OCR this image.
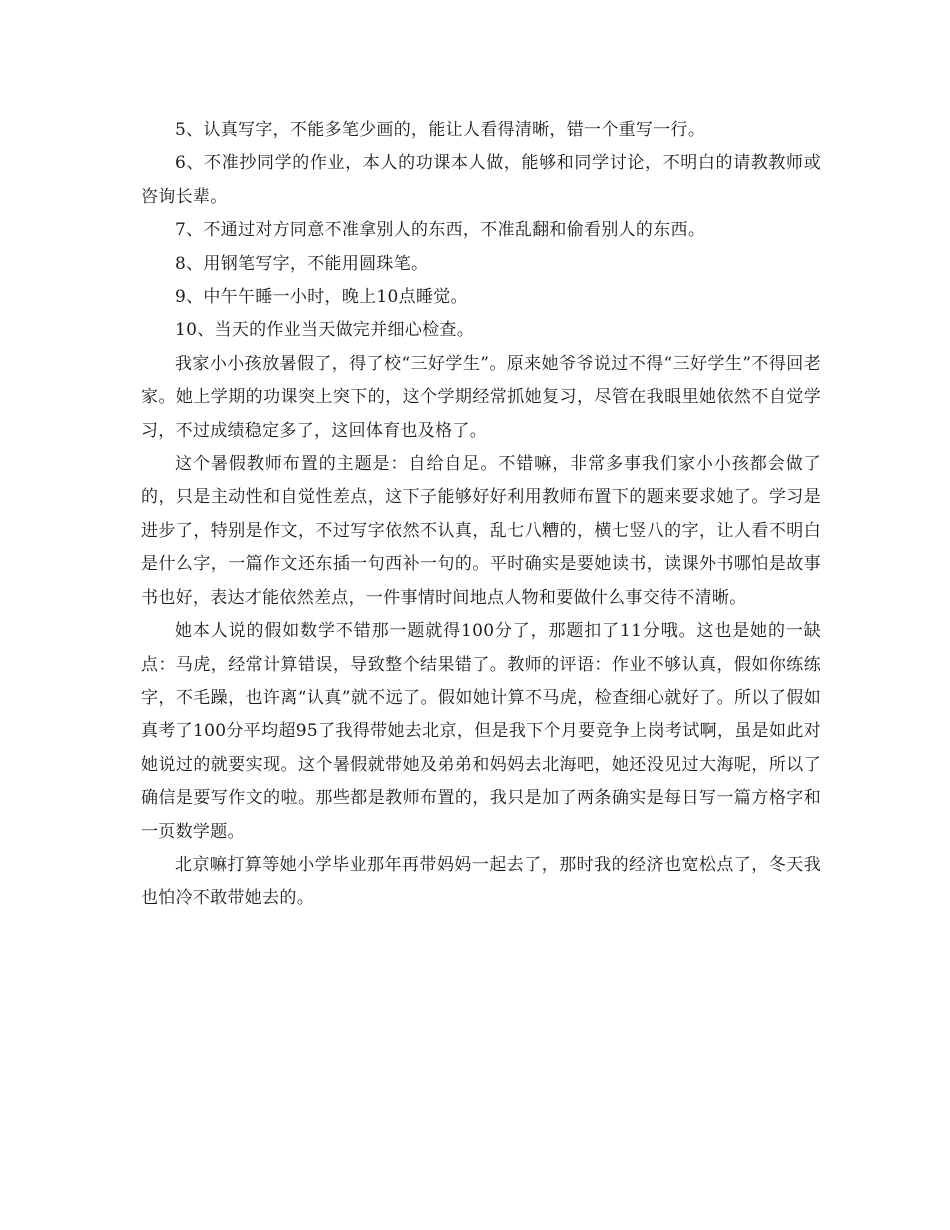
5、认真写字，不能多笔少画的，能让人看得清晰，错一个重写一行。

6、不准抄同学的作业，本人的功课本人做，能够和同学讨论，不明白的请教教师或咨询长辈。

7、不通过对方同意不准拿别人的东西，不准乱翻和偷看别人的东西。

8、用钢笔写字，不能用圆珠笔。

9、中午午睡一小时，晚上10点睡觉。

10、当天的作业当天做完并细心检查。

我家小小孩放暑假了，得了校“三好学生”。原来她爷爷说过不得“三好学生”不得回老家。她上学期的功课突上突下的，这个学期经常抓她复习，尽管在我眼里她依然不自觉学习，不过成绩稳定多了，这回体育也及格了。

这个暑假教师布置的主题是：自给自足。不错嘛，非常多事我们家小小孩都会做了的，只是主动性和自觉性差点，这下子能够好好利用教师布置下的题来要求她了。学习是进步了，特别是作文，不过写字依然不认真，乱七八糟的，横七竖八的字，让人看不明白是什么字，一篇作文还东插一句西补一句的。平时确实是要她读书，读课外书哪怕是故事书也好，表达才能依然差点，一件事情时间地点人物和要做什么事交待不清晰。

她本人说的假如数学不错那一题就得100分了，那题扣了11分哦。这也是她的一缺点：马虎，经常计算错误，导致整个结果错了。教师的评语：作业不够认真，假如你练练字，不毛躁，也许离“认真”就不远了。假如她计算不马虎，检查细心就好了。所以了假如真考了100分平均超95了我得带她去北京，但是我下个月要竞争上岗考试啊，虽是如此对她说过的就要实现。这个暑假就带她及弟弟和妈妈去北海吧，她还没见过大海呢，所以了确信是要写作文的啦。那些都是教师布置的，我只是加了两条确实是每日写一篇方格字和一页数学题。

北京嘛打算等她小学毕业那年再带妈妈一起去了，那时我的经济也宽松点了，冬天我也怕冷不敢带她去的。
